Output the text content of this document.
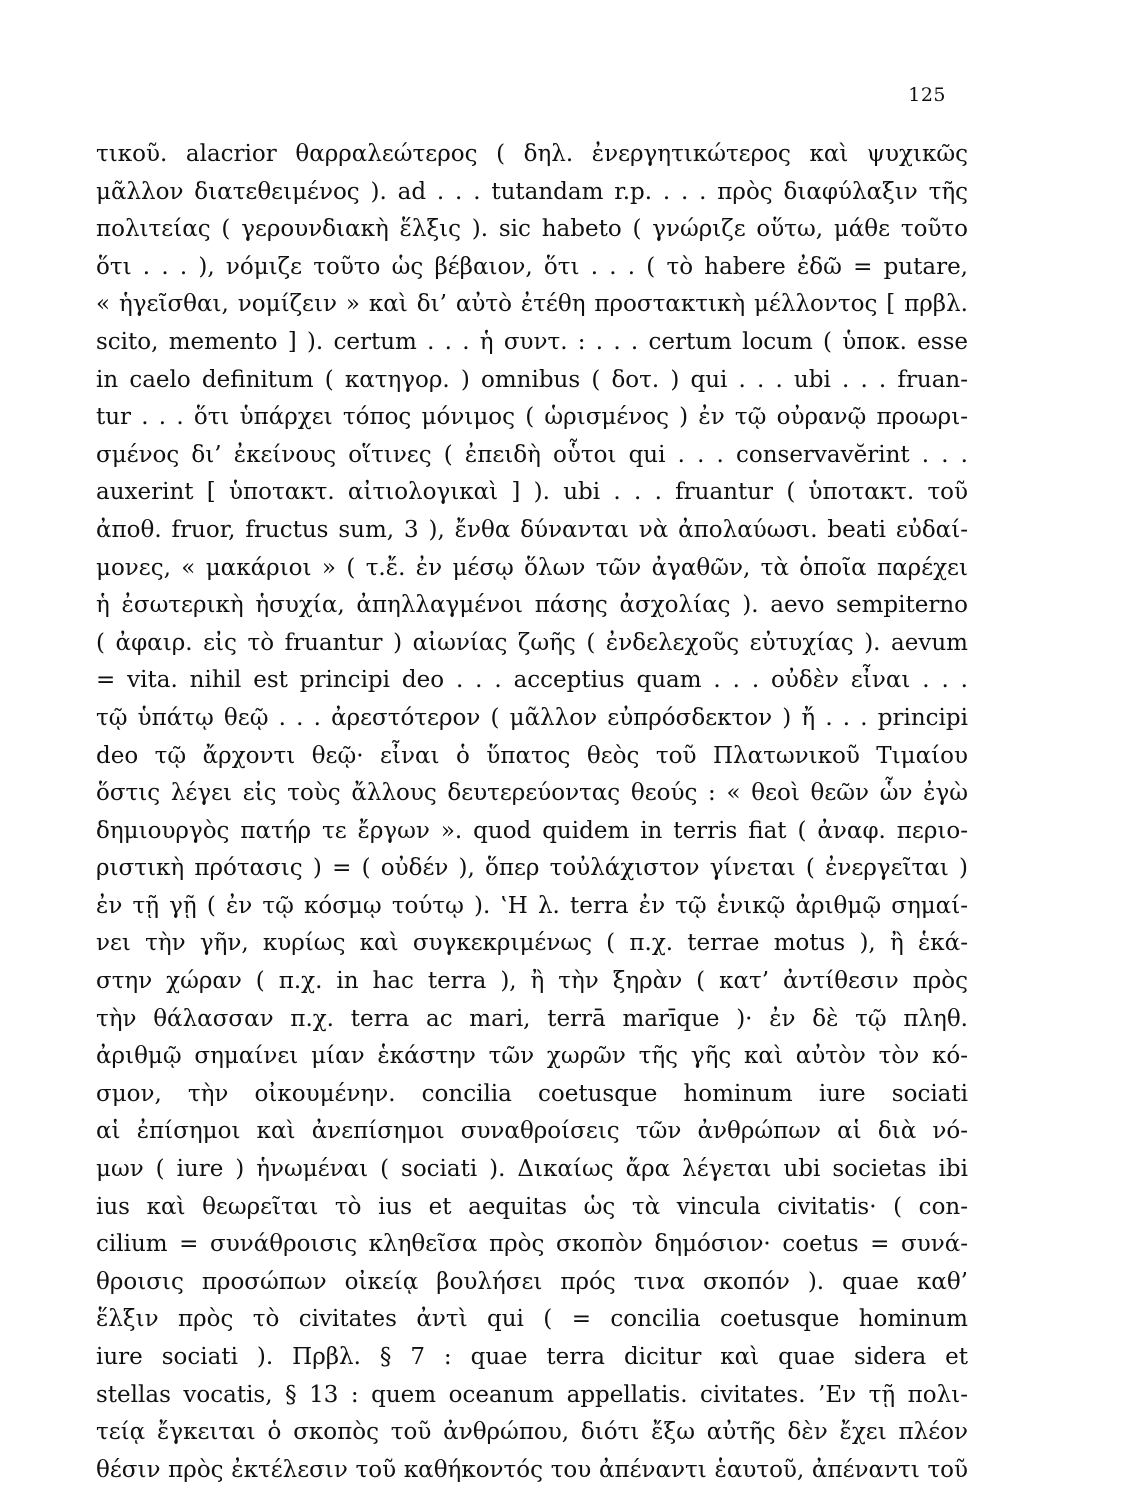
125
τικοῦ. alacrior θαρραλεώτερος ( δηλ. ἐνεργητικώτερος καὶ ψυχικῶς
μᾶλλον διατεθειμένος ). ad . . . tutandam r.p. . . . πρὸς διαφύλαξιν τῆς
πολιτείας ( γερουνδιακὴ ἕλξις ). sic habeto ( γνώριζε οὕτω, μάθε τοῦτο
ὅτι . . . ), νόμιζε τοῦτο ὡς βέβαιον, ὅτι . . . ( τὸ habere ἐδῶ = putare,
« ἡγεῖσθαι, νομίζειν » καὶ δι’ αὐτὸ ἐτέθη προστακτικὴ μέλλοντος [ πρβλ.
scito, memento ] ). certum . . . ἡ συντ. : . . . certum locum ( ὑποκ. esse
in caelo definitum ( κατηγορ. ) omnibus ( δοτ. ) qui . . . ubi . . . fruan-
tur . . . ὅτι ὑπάρχει τόπος μόνιμος ( ὡρισμένος ) ἐν τῷ οὐρανῷ προωρι-
σμένος δι’ ἐκείνους οἵτινες ( ἐπειδὴ οὗτοι qui . . . conservavĕrint . . .
auxerint [ ὑποτακτ. αἰτιολογικαὶ ] ). ubi . . . fruantur ( ὑποτακτ. τοῦ
ἀποθ. fruor, fructus sum, 3 ), ἔνθα δύνανται νὰ ἀπολαύωσι. beati εὐδαί-
μονες, « μακάριοι » ( τ.ἔ. ἐν μέσῳ ὅλων τῶν ἀγαθῶν, τὰ ὁποῖα παρέχει
ἡ ἐσωτερικὴ ἡσυχία, ἀπηλλαγμένοι πάσης ἀσχολίας ). aevo sempiterno
( ἀφαιρ. εἰς τὸ fruantur ) αἰωνίας ζωῆς ( ἐνδελεχοῦς εὐτυχίας ). aevum
= vita. nihil est principi deo . . . acceptius quam . . . οὐδὲν εἶναι . . .
τῷ ὑπάτῳ θεῷ . . . ἀρεστότερον ( μᾶλλον εὐπρόσδεκτον ) ἤ . . . principi
deo τῷ ἄρχοντι θεῷ· εἶναι ὁ ὕπατος θεὸς τοῦ Πλατωνικοῦ Τιμαίου
ὅστις λέγει εἰς τοὺς ἄλλους δευτερεύοντας θεούς : « θεοὶ θεῶν ὧν ἐγὼ
δημιουργὸς πατήρ τε ἔργων ». quod quidem in terris fiat ( ἀναφ. περιο-
ριστικὴ πρότασις ) = ( οὐδέν ), ὅπερ τοὐλάχιστον γίνεται ( ἐνεργεῖται )
ἐν τῇ γῇ ( ἐν τῷ κόσμῳ τούτῳ ). ‛Η λ. terra ἐν τῷ ἑνικῷ ἀριθμῷ σημαί-
νει τὴν γῆν, κυρίως καὶ συγκεκριμένως ( π.χ. terrae motus ), ἢ ἑκά-
στην χώραν ( π.χ. in hac terra ), ἢ τὴν ξηρὰν ( κατ’ ἀντίθεσιν πρὸς
τὴν θάλασσαν π.χ. terra ac mari, terrā marīque )· ἐν δὲ τῷ πληθ.
ἀριθμῷ σημαίνει μίαν ἑκάστην τῶν χωρῶν τῆς γῆς καὶ αὐτὸν τὸν κό-
σμον, τὴν οἰκουμένην. concilia coetusque hominum iure sociati
αἱ ἐπίσημοι καὶ ἀνεπίσημοι συναθροίσεις τῶν ἀνθρώπων αἱ διὰ νό-
μων ( iure ) ἡνωμέναι ( sociati ). Δικαίως ἄρα λέγεται ubi societas ibi
ius καὶ θεωρεῖται τὸ ius et aequitas ὡς τὰ vincula civitatis· ( con-
cilium = συνάθροισις κληθεῖσα πρὸς σκοπὸν δημόσιον· coetus = συνά-
θροισις προσώπων οἰκείᾳ βουλήσει πρός τινα σκοπόν ). quae καθ’
ἕλξιν πρὸς τὸ civitates ἀντὶ qui ( = concilia coetusque hominum
iure sociati ). Πρβλ. § 7 : quae terra dicitur καὶ quae sidera et
stellas vocatis, § 13 : quem oceanum appellatis. civitates. ’Εν τῇ πολι-
τείᾳ ἔγκειται ὁ σκοπὸς τοῦ ἀνθρώπου, διότι ἔξω αὐτῆς δὲν ἔχει πλέον
θέσιν πρὸς ἐκτέλεσιν τοῦ καθήκοντός του ἀπέναντι ἑαυτοῦ, ἀπέναντι τοῦ
